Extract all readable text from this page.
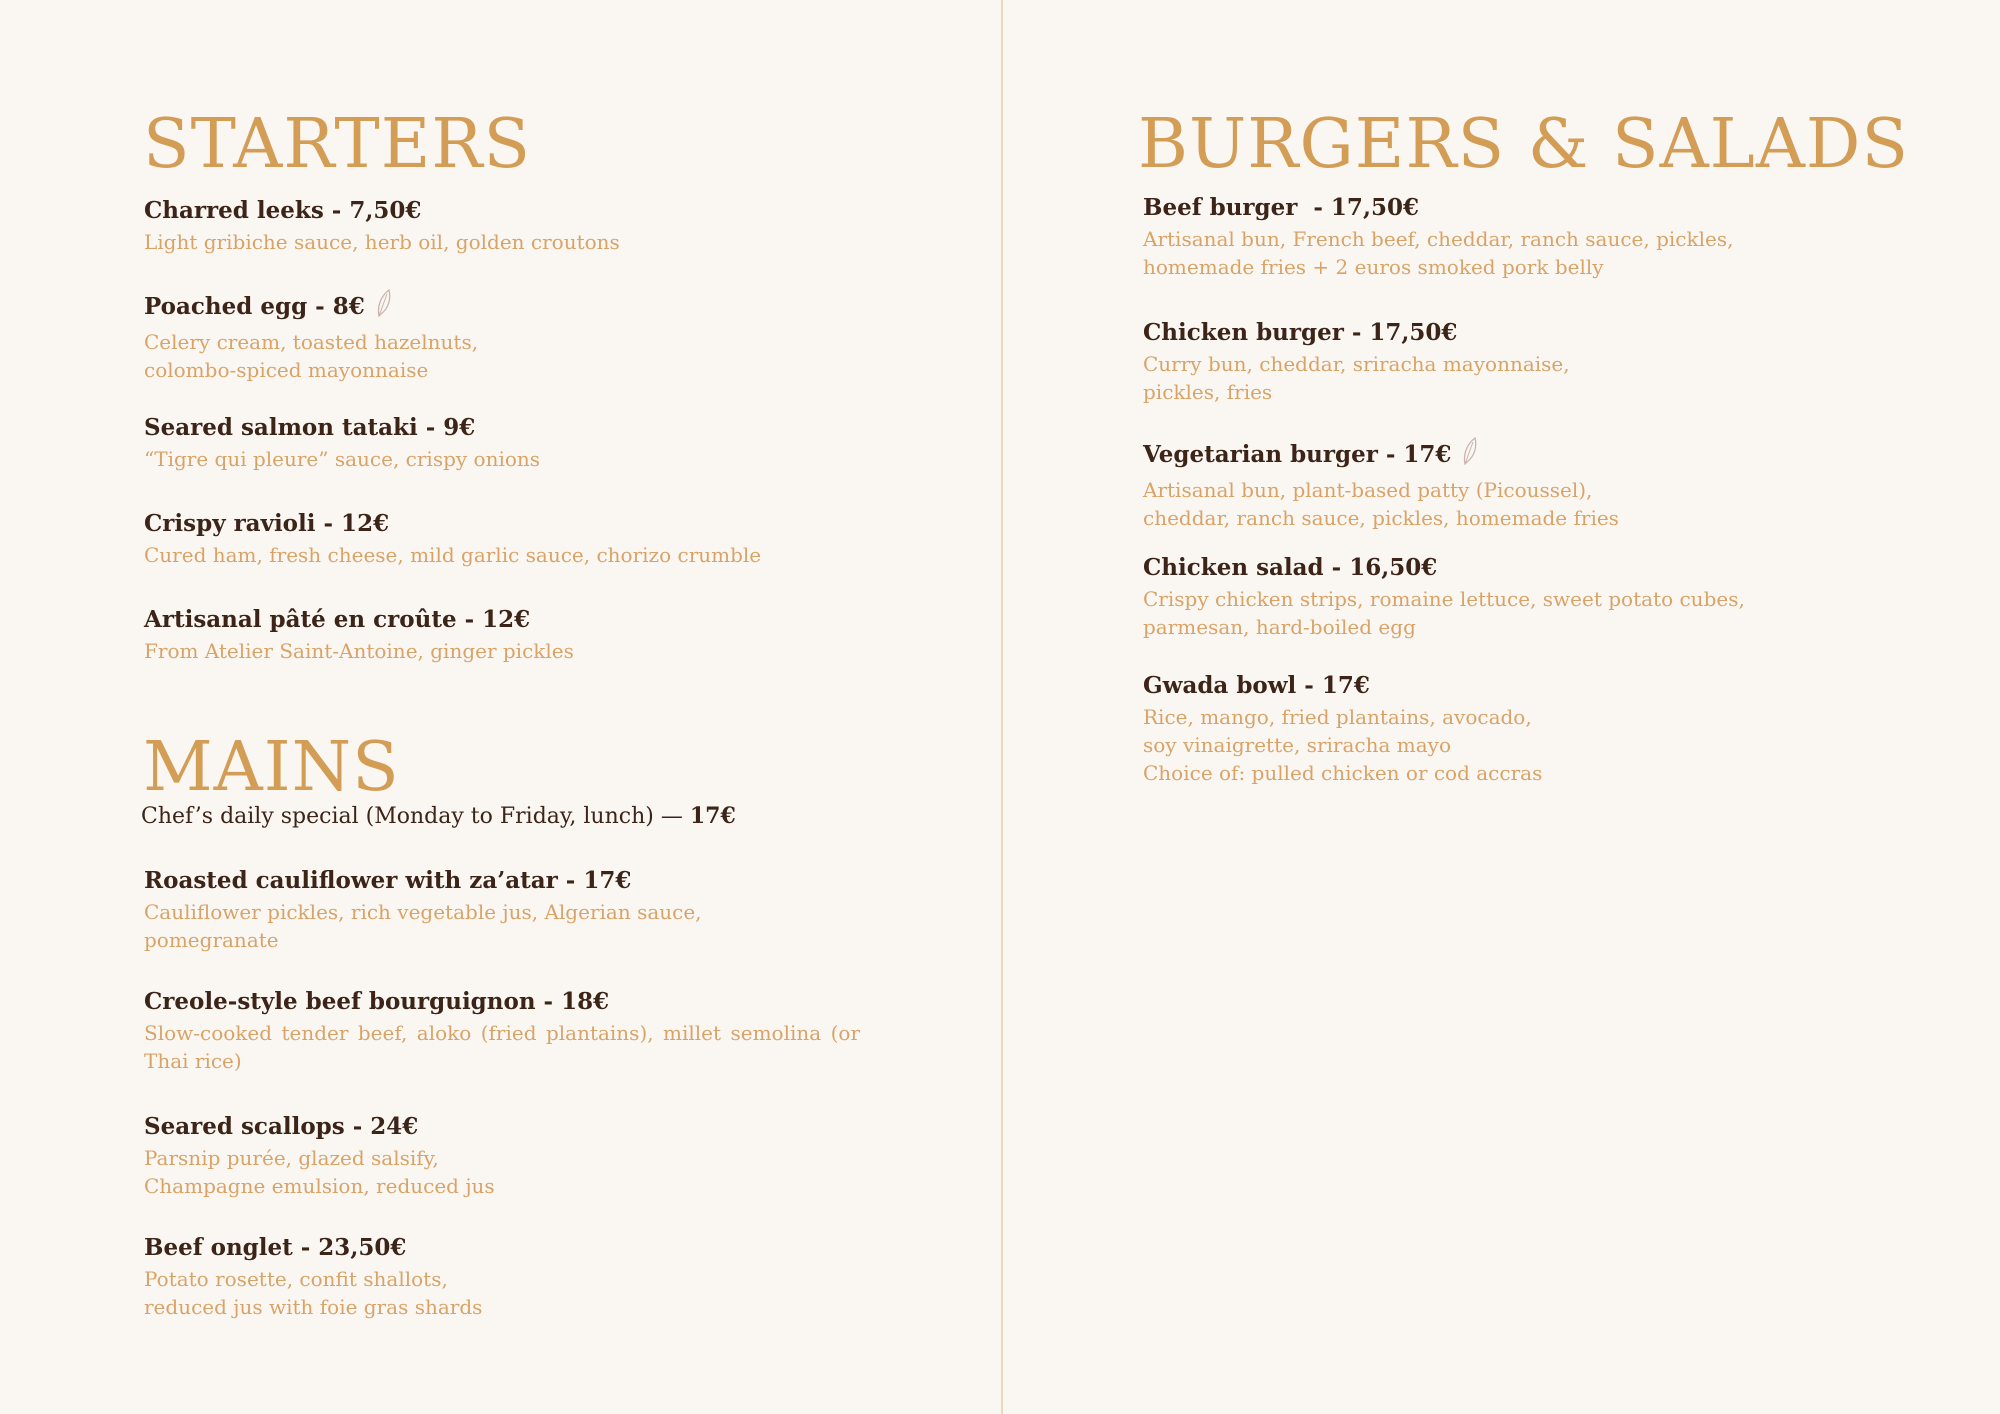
STARTERS
Charred leeks - 7,50€
Light gribiche sauce, herb oil, golden croutons
Poached egg - 8€
Celery cream, toasted hazelnuts,
colombo-spiced mayonnaise
Seared salmon tataki - 9€
“Tigre qui pleure” sauce, crispy onions
Crispy ravioli - 12€
Cured ham, fresh cheese, mild garlic sauce, chorizo crumble
Artisanal pâté en croûte - 12€
From Atelier Saint-Antoine, ginger pickles
MAINS
Chef’s daily special (Monday to Friday, lunch) — 17€
Roasted cauliflower with za’atar - 17€
Cauliflower pickles, rich vegetable jus, Algerian sauce,
pomegranate
Creole-style beef bourguignon - 18€
Slow-cooked tender beef, aloko (fried plantains), millet semolina (or Thai rice)
Seared scallops - 24€
Parsnip purée, glazed salsify,
Champagne emulsion, reduced jus
Beef onglet - 23,50€
Potato rosette, confit shallots,
reduced jus with foie gras shards
BURGERS & SALADS
Beef burger  - 17,50€
Artisanal bun, French beef, cheddar, ranch sauce, pickles,
homemade fries + 2 euros smoked pork belly
Chicken burger - 17,50€
Curry bun, cheddar, sriracha mayonnaise,
pickles, fries
Vegetarian burger - 17€
Artisanal bun, plant-based patty (Picoussel),
cheddar, ranch sauce, pickles, homemade fries
Chicken salad - 16,50€
Crispy chicken strips, romaine lettuce, sweet potato cubes,
parmesan, hard-boiled egg
Gwada bowl - 17€
Rice, mango, fried plantains, avocado,
soy vinaigrette, sriracha mayo
Choice of: pulled chicken or cod accras
